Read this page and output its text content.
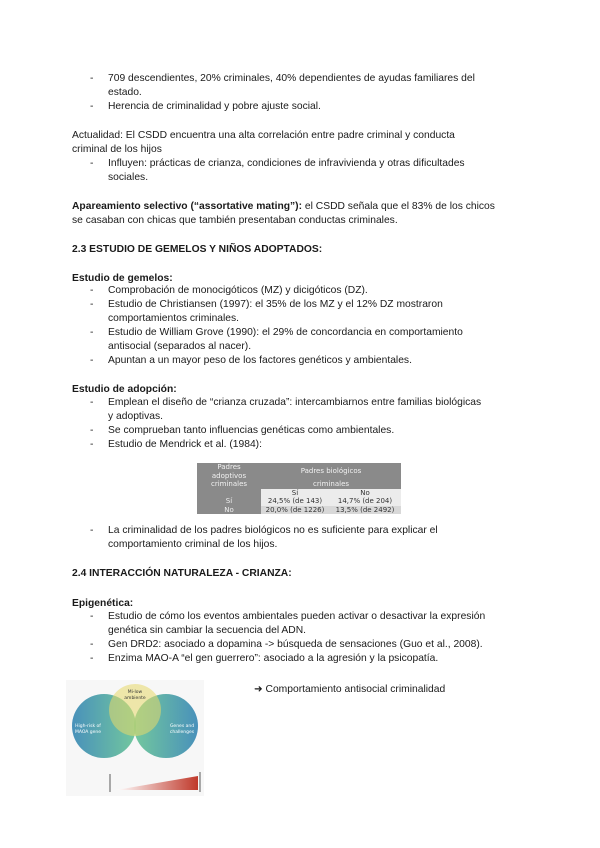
- 709 descendientes, 20% criminales, 40% dependientes de ayudas familiares del
estado.
- Herencia de criminalidad y pobre ajuste social.
Actualidad: El CSDD encuentra una alta correlación entre padre criminal y conducta
criminal de los hijos
- Influyen: prácticas de crianza, condiciones de infravivienda y otras dificultades
sociales.
Apareamiento selectivo (“assortative mating”): el CSDD señala que el 83% de los chicos
se casaban con chicas que también presentaban conductas criminales.
2.3 ESTUDIO DE GEMELOS Y NIÑOS ADOPTADOS:
Estudio de gemelos:
- Comprobación de monocigóticos (MZ) y dicigóticos (DZ).
- Estudio de Christiansen (1997): el 35% de los MZ y el 12% DZ mostraron
comportamientos criminales.
- Estudio de William Grove (1990): el 29% de concordancia en comportamiento
antisocial (separados al nacer).
- Apuntan a un mayor peso de los factores genéticos y ambientales.
Estudio de adopción:
- Emplean el diseño de “crianza cruzada”: intercambiarnos entre familias biológicas
y adoptivas.
- Se comprueban tanto influencias genéticas como ambientales.
- Estudio de Mendrick et al. (1984):
Padres adoptivos	Padres biológicos	
criminales	criminales	
	Sí	No
Sí	24,5% (de 143)	14,7% (de 204)
No	20,0% (de 1226)	13,5% (de 2492)
- La criminalidad de los padres biológicos no es suficiente para explicar el
comportamiento criminal de los hijos.
2.4 INTERACCIÓN NATURALEZA - CRIANZA:
Epigenética:
- Estudio de cómo los eventos ambientales pueden activar o desactivar la expresión
genética sin cambiar la secuencia del ADN.
- Gen DRD2: asociado a dopamina -> búsqueda de sensaciones (Guo et al., 2008).
- Enzima MAO-A “el gen guerrero”: asociado a la agresión y la psicopatía.
Mi-low
ambiente
High-risk of
MAOA gene
Genes and
challenges
➜ Comportamiento antisocial criminalidad
